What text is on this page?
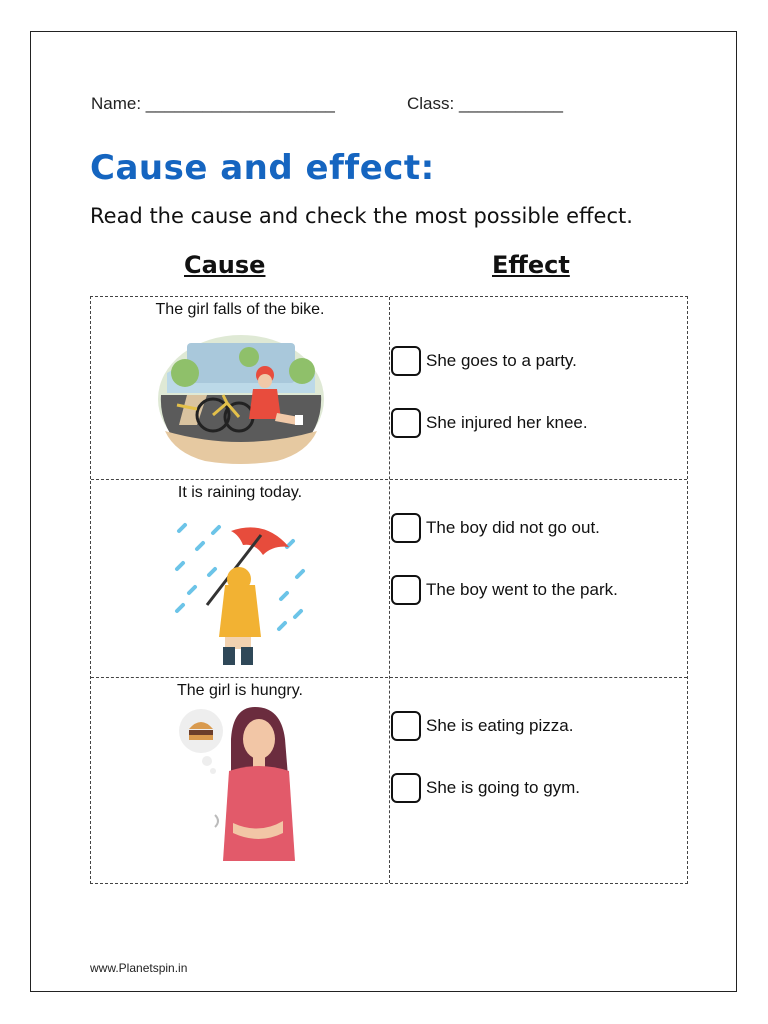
Name: ____________________	Class: ___________
Cause and effect:
Read the cause and check the most possible effect.
Cause	Effect
The girl falls of the bike.
She goes to a party.
She injured her knee.
It is raining today.
The boy did not go out.
The boy went to the park.
The girl is hungry.
She is eating pizza.
She is going to gym.
www.Planetspin.in
